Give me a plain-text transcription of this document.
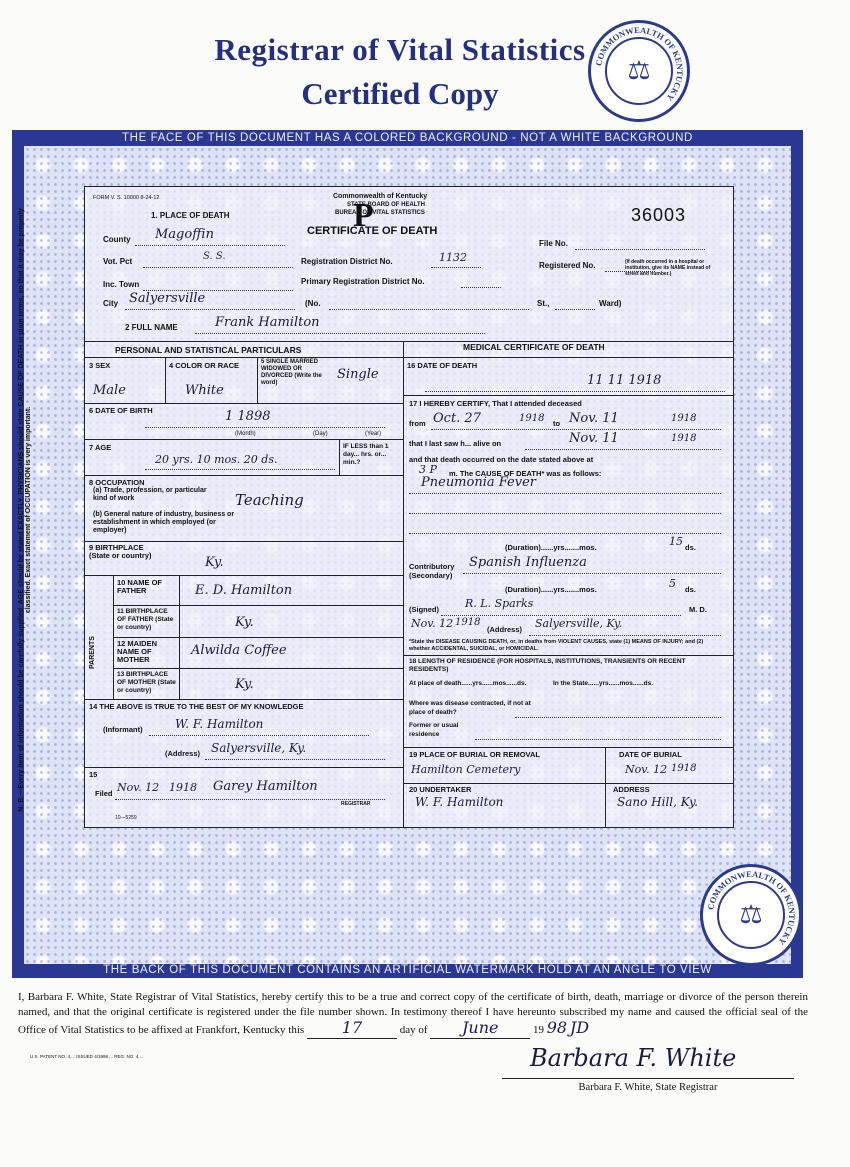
Registrar of Vital Statistics
Certified Copy
COMMONWEALTH OF KENTUCKY
⚖
THE FACE OF THIS DOCUMENT HAS A COLORED BACKGROUND - NOT A WHITE BACKGROUND
THE BACK OF THIS DOCUMENT CONTAINS AN ARTIFICIAL WATERMARK HOLD AT AN ANGLE TO VIEW
N. B.—Every item of information should be carefully supplied. AGE should be stated EXACTLY. PHYSICIANS should state CAUSE OF DEATH in plain terms, so that it may be properly classified. Exact statement of OCCUPATION is very important.
COMMONWEALTH OF KENTUCKY
⚖
FORM V. S. 10000 8-24-12	Commonwealth of Kentucky
STATE BOARD OF HEALTH
BUREAU OF VITAL STATISTICS
P
CERTIFICATE OF DEATH
36003
1. PLACE OF DEATH
County Magoffin
Vot. Pct	S. S.	Registration District No.	1132
File No.
Inc. Town	Primary Registration District No.
Registered No.	(If death occurred in a hospital or institution, give its NAME instead of street and number.)
City Salyersville	(No.	St.,	Ward)
2 FULL NAME	Frank Hamilton
PERSONAL AND STATISTICAL PARTICULARS	MEDICAL CERTIFICATE OF DEATH
3 SEX
Male
4 COLOR OR RACE
White
5 SINGLE MARRIED WIDOWED OR DIVORCED (Write the word)
Single
6 DATE OF BIRTH	1 1898
(Month)	(Day)	(Year)
7 AGE
20 yrs. 10 mos. 20 ds.
IF LESS than 1 day... hrs. or... min.?
8 OCCUPATION
(a) Trade, profession, or particular kind of work	Teaching
(b) General nature of industry, business or establishment in which employed (or employer)
9 BIRTHPLACE (State or country)	Ky.
PARENTS
10 NAME OF FATHER	E. D. Hamilton
11 BIRTHPLACE OF FATHER (State or country)	Ky.
12 MAIDEN NAME OF MOTHER
Alwilda Coffee
13 BIRTHPLACE OF MOTHER (State or country)	Ky.
14 THE ABOVE IS TRUE TO THE BEST OF MY KNOWLEDGE
(Informant)	W. F. Hamilton
(Address) Salyersville, Ky.
15
Filed Nov. 12 1918 Garey Hamilton
REGISTRAR
10—5259
16 DATE OF DEATH
11 11 1918
17 I HEREBY CERTIFY, That I attended deceased
from Oct. 27	1918 to Nov. 11	1918
that I last saw h... alive on	Nov. 11	1918
and that death occurred on the date stated above at
3 P m. The CAUSE OF DEATH* was as follows:
Pneumonia Fever
(Duration)......yrs.......mos.	15 ds.
Contributory (Secondary)
Spanish Influenza
(Duration)......yrs.......mos.	5 ds.
(Signed) R. L. Sparks	M. D.
Nov. 12 1918
(Address) Salyersville, Ky.
*State the DISEASE CAUSING DEATH, or, in deaths from VIOLENT CAUSES, state (1) MEANS OF INJURY; and (2) whether ACCIDENTAL, SUICIDAL, or HOMICIDAL.
18 LENGTH OF RESIDENCE (FOR HOSPITALS, INSTITUTIONS, TRANSIENTS OR RECENT RESIDENTS)
At place of death......yrs......mos......ds.	In the State......yrs......mos......ds.
Where was disease contracted, if not at place of death?
Former or usual residence
19 PLACE OF BURIAL OR REMOVAL
Hamilton Cemetery
DATE OF BURIAL
Nov. 12 1918
20 UNDERTAKER
W. F. Hamilton
ADDRESS
Sano Hill, Ky.
I, Barbara F. White, State Registrar of Vital Statistics, hereby certify this to be a true and correct copy of the certificate of birth, death, marriage or divorce of the person therein named, and that the original certificate is registered under the file number shown. In testimony thereof I have hereunto subscribed my name and caused the official seal of the Office of Vital Statistics to be affixed at Frankfort, Kentucky this 17	day of June	19 98 JD
U.S. PATENT NO. 4,... ISSUED 4/1998 ... REG. NO. 4,...	Barbara F. White
Barbara F. White, State Registrar
